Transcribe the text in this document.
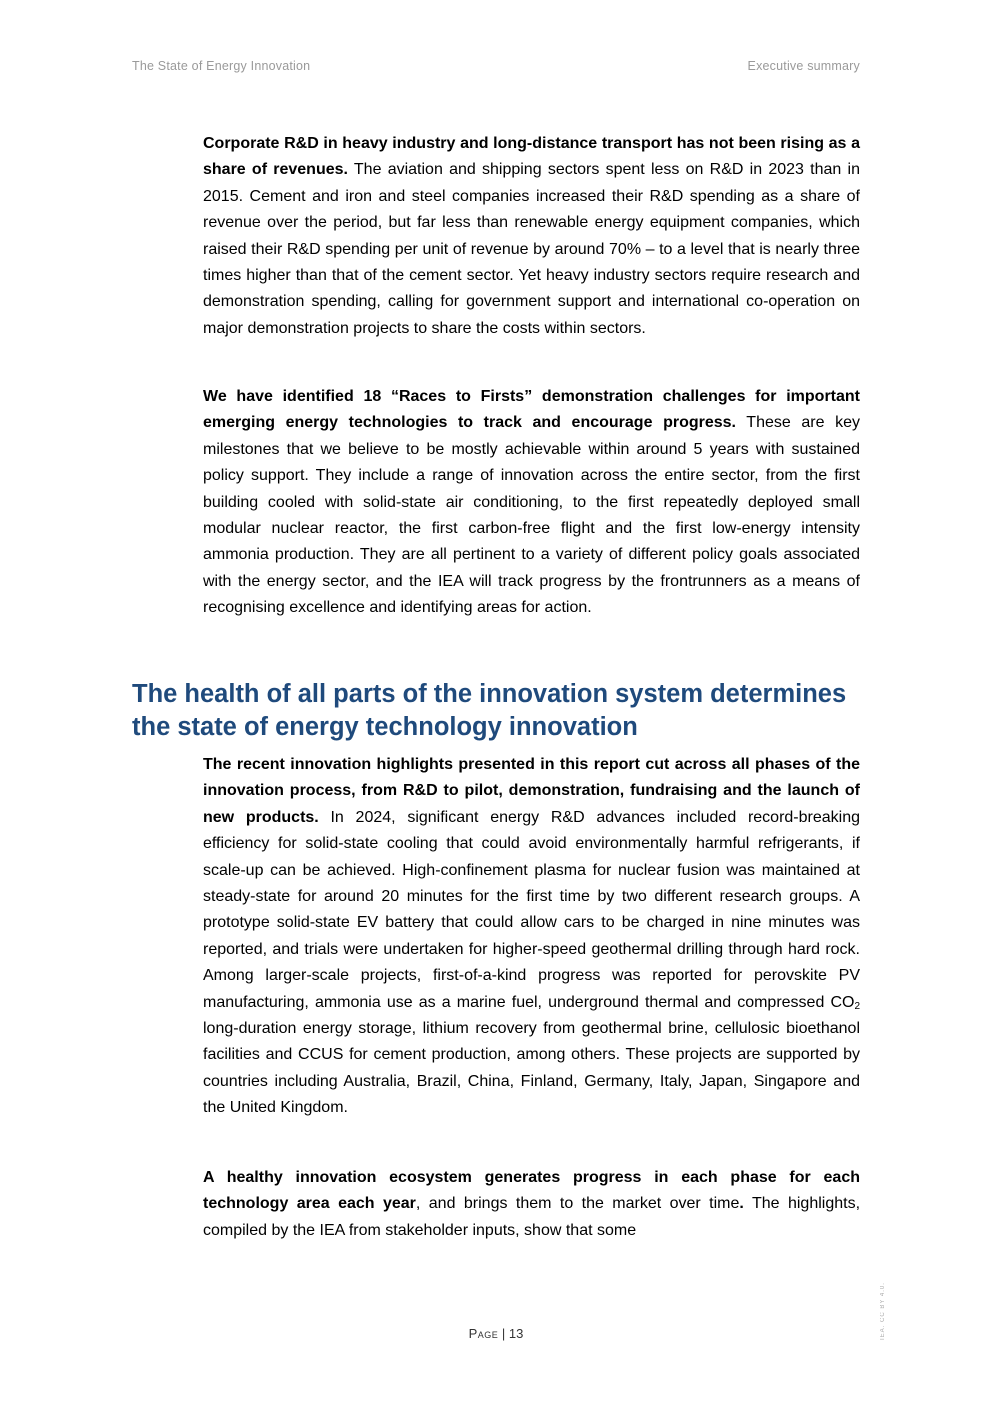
The State of Energy Innovation	Executive summary

Corporate R&D in heavy industry and long-distance transport has not been rising as a share of revenues. The aviation and shipping sectors spent less on R&D in 2023 than in 2015. Cement and iron and steel companies increased their R&D spending as a share of revenue over the period, but far less than renewable energy equipment companies, which raised their R&D spending per unit of revenue by around 70% – to a level that is nearly three times higher than that of the cement sector. Yet heavy industry sectors require research and demonstration spending, calling for government support and international co-operation on major demonstration projects to share the costs within sectors.

We have identified 18 “Races to Firsts” demonstration challenges for important emerging energy technologies to track and encourage progress. These are key milestones that we believe to be mostly achievable within around 5 years with sustained policy support. They include a range of innovation across the entire sector, from the first building cooled with solid-state air conditioning, to the first repeatedly deployed small modular nuclear reactor, the first carbon-free flight and the first low-energy intensity ammonia production. They are all pertinent to a variety of different policy goals associated with the energy sector, and the IEA will track progress by the frontrunners as a means of recognising excellence and identifying areas for action.

The health of all parts of the innovation system determines the state of energy technology innovation

The recent innovation highlights presented in this report cut across all phases of the innovation process, from R&D to pilot, demonstration, fundraising and the launch of new products. In 2024, significant energy R&D advances included record-breaking efficiency for solid-state cooling that could avoid environmentally harmful refrigerants, if scale-up can be achieved. High-confinement plasma for nuclear fusion was maintained at steady-state for around 20 minutes for the first time by two different research groups. A prototype solid-state EV battery that could allow cars to be charged in nine minutes was reported, and trials were undertaken for higher-speed geothermal drilling through hard rock. Among larger-scale projects, first-of-a-kind progress was reported for perovskite PV manufacturing, ammonia use as a marine fuel, underground thermal and compressed $CO_2$ long-duration energy storage, lithium recovery from geothermal brine, cellulosic bioethanol facilities and CCUS for cement production, among others. These projects are supported by countries including Australia, Brazil, China, Finland, Germany, Italy, Japan, Singapore and the United Kingdom.

A healthy innovation ecosystem generates progress in each phase for each technology area each year, and brings them to the market over time. The highlights, compiled by the IEA from stakeholder inputs, show that some

IEA. CC BY 4.0.
Page | 13
